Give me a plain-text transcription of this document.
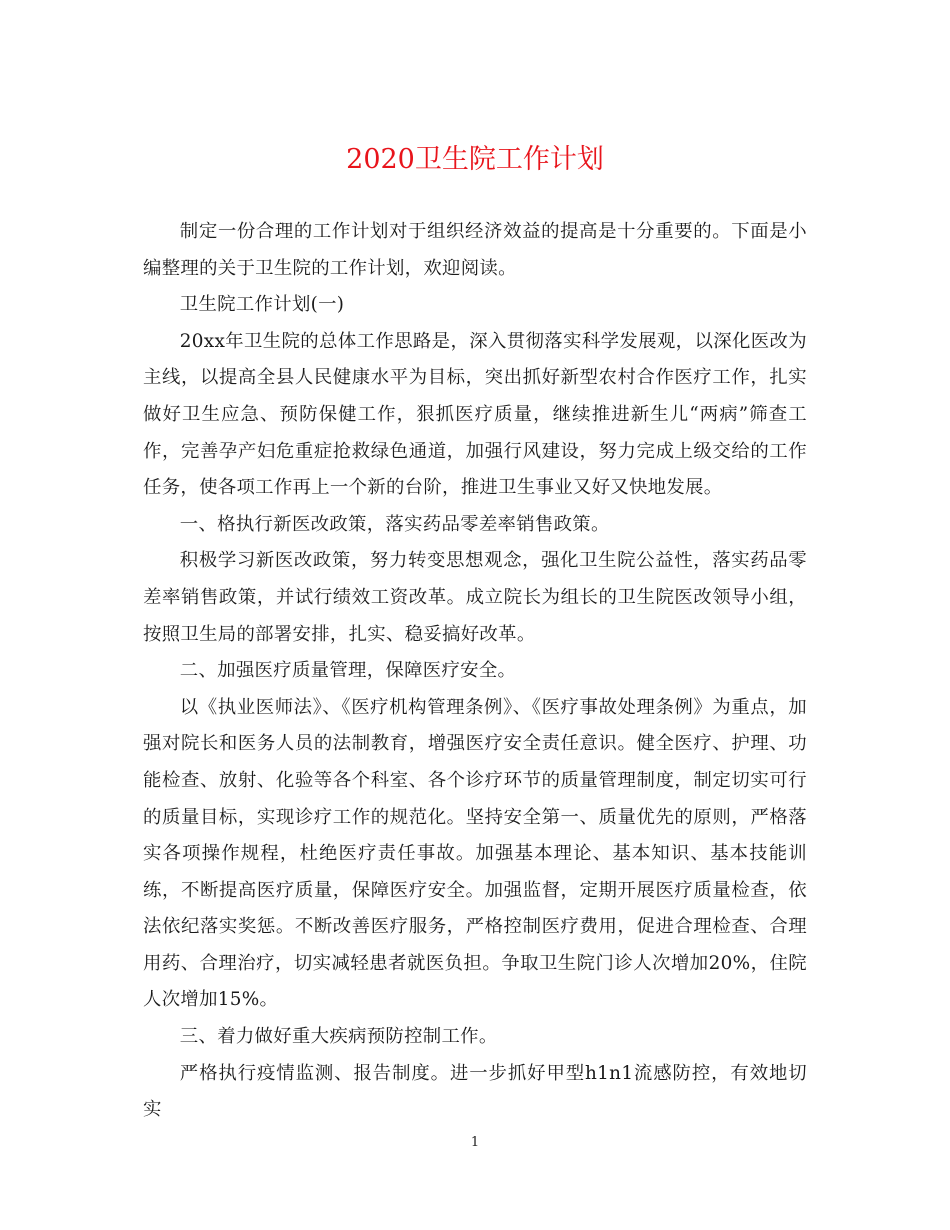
2020卫生院工作计划

制定一份合理的工作计划对于组织经济效益的提高是十分重要的。下面是小编整理的关于卫生院的工作计划，欢迎阅读。

卫生院工作计划(一)

20xx年卫生院的总体工作思路是，深入贯彻落实科学发展观，以深化医改为主线，以提高全县人民健康水平为目标，突出抓好新型农村合作医疗工作，扎实做好卫生应急、预防保健工作，狠抓医疗质量，继续推进新生儿“两病”筛查工作，完善孕产妇危重症抢救绿色通道，加强行风建设，努力完成上级交给的工作任务，使各项工作再上一个新的台阶，推进卫生事业又好又快地发展。

一、格执行新医改政策，落实药品零差率销售政策。

积极学习新医改政策，努力转变思想观念，强化卫生院公益性，落实药品零差率销售政策，并试行绩效工资改革。成立院长为组长的卫生院医改领导小组，按照卫生局的部署安排，扎实、稳妥搞好改革。

二、加强医疗质量管理，保障医疗安全。

以《执业医师法》、《医疗机构管理条例》、《医疗事故处理条例》为重点，加强对院长和医务人员的法制教育，增强医疗安全责任意识。健全医疗、护理、功能检查、放射、化验等各个科室、各个诊疗环节的质量管理制度，制定切实可行的质量目标，实现诊疗工作的规范化。坚持安全第一、质量优先的原则，严格落实各项操作规程，杜绝医疗责任事故。加强基本理论、基本知识、基本技能训练，不断提高医疗质量，保障医疗安全。加强监督，定期开展医疗质量检查，依法依纪落实奖惩。不断改善医疗服务，严格控制医疗费用，促进合理检查、合理用药、合理治疗，切实减轻患者就医负担。争取卫生院门诊人次增加20%，住院人次增加15%。

三、着力做好重大疾病预防控制工作。

严格执行疫情监测、报告制度。进一步抓好甲型h1n1流感防控，有效地切实

1
